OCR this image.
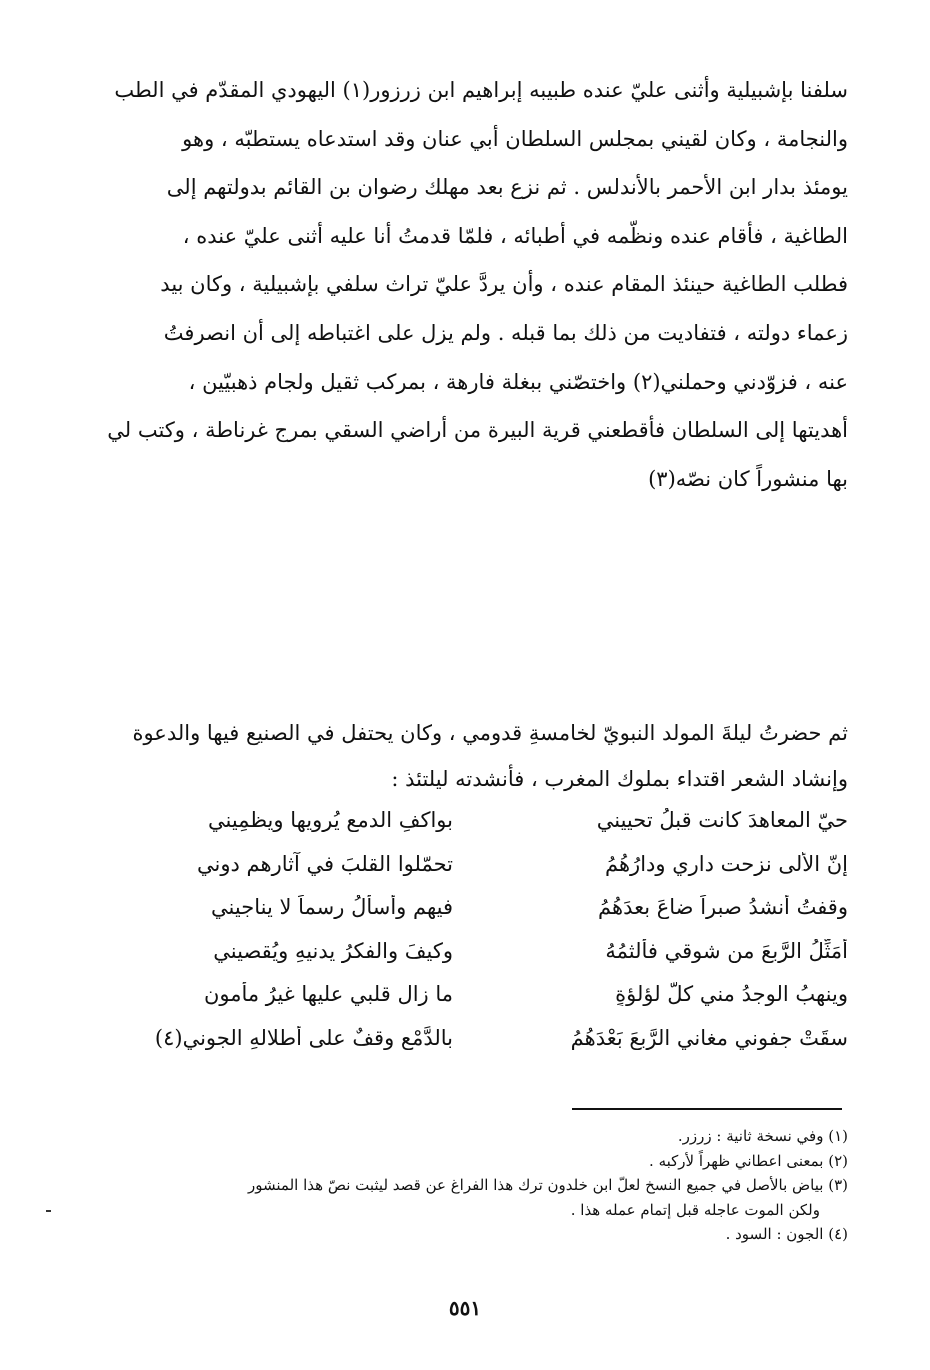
سلفنا بإشبيلية وأثنى عليّ عنده طبيبه إبراهيم ابن زرزور(١) اليهودي المقدّم في الطب
والنجامة ، وكان لقيني بمجلس السلطان أبي عنان وقد استدعاه يستطبّه ، وهو
يومئذ بدار ابن الأحمر بالأندلس . ثم نزع بعد مهلك رضوان بن القائم بدولتهم إلى
الطاغية ، فأقام عنده ونظّمه في أطبائه ، فلمّا قدمتُ أنا عليه أثنى عليّ عنده ،
فطلب الطاغية حينئذ المقام عنده ، وأن يردَّ عليّ تراث سلفي بإشبيلية ، وكان بيد
زعماء دولته ، فتفاديت من ذلك بما قبله . ولم يزل على اغتباطه إلى أن انصرفتُ
عنه ، فزوّدني وحملني(٢) واختصّني ببغلة فارهة ، بمركب ثقيل ولجام ذهبيّين ،
أهديتها إلى السلطان فأقطعني قرية البيرة من أراضي السقي بمرج غرناطة ، وكتب لي
بها منشوراً كان نصّه(٣)
ثم حضرتُ ليلةَ المولد النبويّ لخامسةِ قدومي ، وكان يحتفل في الصنيع فيها والدعوة
وإنشاد الشعر اقتداء بملوك المغرب ، فأنشدته ليلتئذ :
حيّ المعاهدَ كانت قبلُ تحييني
بواكفِ الدمعِ يُرويها ويظمِيني
إنّ الأُلى نزحت داري ودارُهُمُ
تحمّلوا القلبَ في آثارهم دوني
وقفتُ أنشدُ صبراً ضاعَ بعدَهُمُ
فيهم وأسألُ رسماً لا يناجيني
أُمَثِّلُ الرَّبعَ من شوقي فألثمُهُ
وكيفَ والفكرُ يدنيهِ ويُقصيني
وينهبُ الوجدُ مني كلّ لؤلؤةٍ
ما زال قلبي عليها غيرُ مأمونِ
سقَتْ جفوني مغاني الرَّبعَ بَعْدَهُمُ
بالدَّمْعِ وقفٌ على أطلالهِ الجوني(٤)
(١) وفي نسخة ثانية : زرزر.
(٢) بمعنى اعطاني ظهراً لأركبه .
(٣) بياض بالأصل في جميع النسخ لعلّ ابن خلدون ترك هذا الفراغ عن قصد ليثبت نصّ هذا المنشور
ولكن الموت عاجله قبل إتمام عمله هذا .
(٤) الجون : السود .
٥٥١
